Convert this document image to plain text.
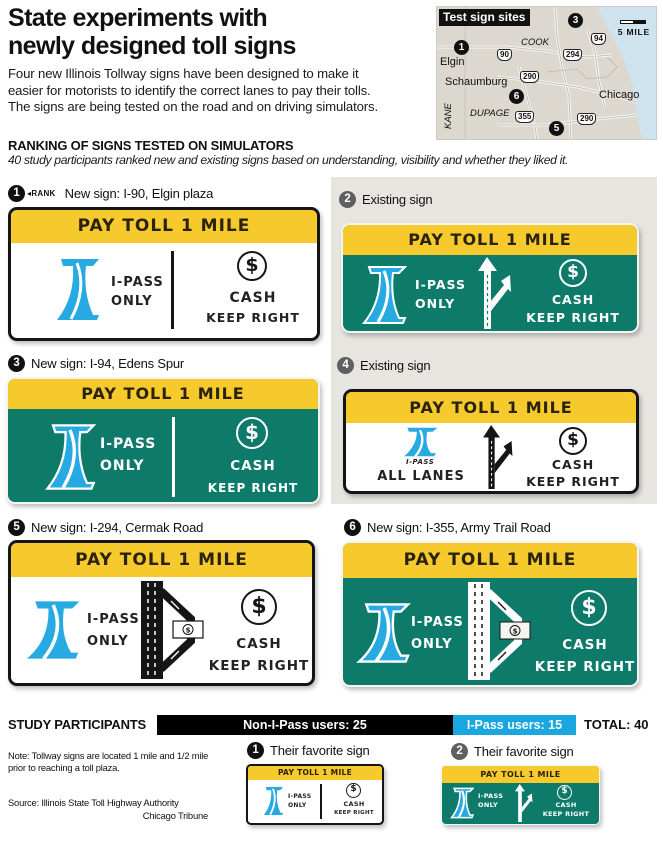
State experiments with
newly designed toll signs
Four new Illinois Tollway signs have been designed to make it easier for motorists to identify the correct lanes to pay their tolls. The signs are being tested on the road and on driving simulators.
RANKING OF SIGNS TESTED ON SIMULATORS
40 study participants ranked new and existing signs based on understanding, visibility and whether they liked it.
Test sign sites
5 MILE
1
3
5
6
Elgin
Schaumburg
Chicago
COOK
DUPAGE
KANE
90	294
94
290
355	290
1 ◂RANK New sign: I-90, Elgin plaza
PAY TOLL 1 MILE
I-PASS
ONLY
$
CASH
KEEP RIGHT
2 Existing sign
PAY TOLL 1 MILE
I-PASS
ONLY
$
CASH
KEEP RIGHT
3 New sign: I-94, Edens Spur
PAY TOLL 1 MILE
I-PASS
ONLY
$
CASH
KEEP RIGHT
4 Existing sign
PAY TOLL 1 MILE
I-PASS
ALL LANES
$
CASH
KEEP RIGHT
5 New sign: I-294, Cermak Road
PAY TOLL 1 MILE
I-PASS
ONLY
$
$
CASH
KEEP RIGHT
6 New sign: I-355, Army Trail Road
PAY TOLL 1 MILE
I-PASS
ONLY
$
$
CASH
KEEP RIGHT
STUDY PARTICIPANTS	Non-I-Pass users: 25	I-Pass users: 15	TOTAL: 40
Note: Tollway signs are located 1 mile and 1/2 mile prior to reaching a toll plaza.
Source: Illinois State Toll Highway Authority
Chicago Tribune
1 Their favorite sign
PAY TOLL 1 MILE
I-PASS
ONLY
$
CASH
KEEP RIGHT
2 Their favorite sign
PAY TOLL 1 MILE
I-PASS
ONLY
$
CASH
KEEP RIGHT
